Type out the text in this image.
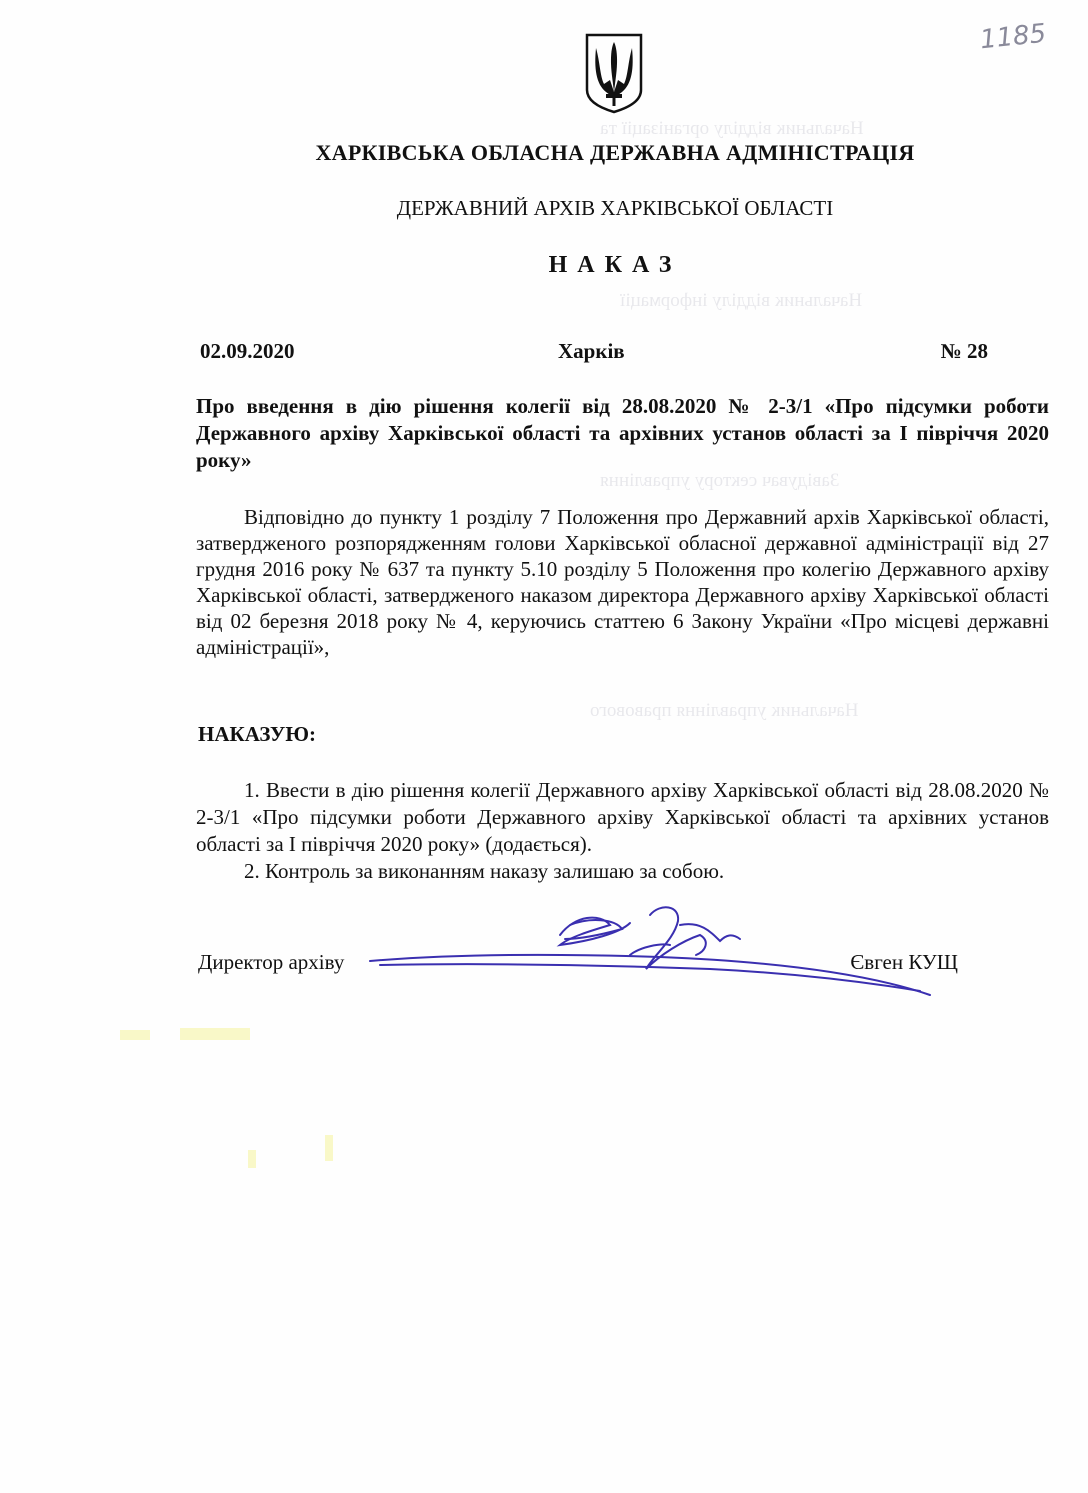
Начальник відділу організації та
Начальник відділу інформації
Завідувач сектору управління
Начальник управління правового
1185
ХАРКІВСЬКА ОБЛАСНА ДЕРЖАВНА АДМІНІСТРАЦІЯ
ДЕРЖАВНИЙ АРХІВ ХАРКІВСЬКОЇ ОБЛАСТІ
НАКАЗ
02.09.2020	Харків	№ 28
Про введення в дію рішення колегії від 28.08.2020 № 2-3/1 «Про підсумки роботи Державного архіву Харківської області та архівних установ області за І півріччя 2020 року»
Відповідно до пункту 1 розділу 7 Положення про Державний архів Харківської області, затвердженого розпорядженням голови Харківської обласної державної адміністрації від 27 грудня 2016 року № 637 та пункту 5.10 розділу 5 Положення про колегію Державного архіву Харківської області, затвердженого наказом директора Державного архіву Харківської області від 02 березня 2018 року № 4, керуючись статтею 6 Закону України «Про місцеві державні адміністрації»,
НАКАЗУЮ:

1. Ввести в дію рішення колегії Державного архіву Харківської області від 28.08.2020 № 2-3/1 «Про підсумки роботи Державного архіву Харківської області та архівних установ області за І півріччя 2020 року» (додається).

2. Контроль за виконанням наказу залишаю за собою.

Директор архіву	Євген КУЩ
